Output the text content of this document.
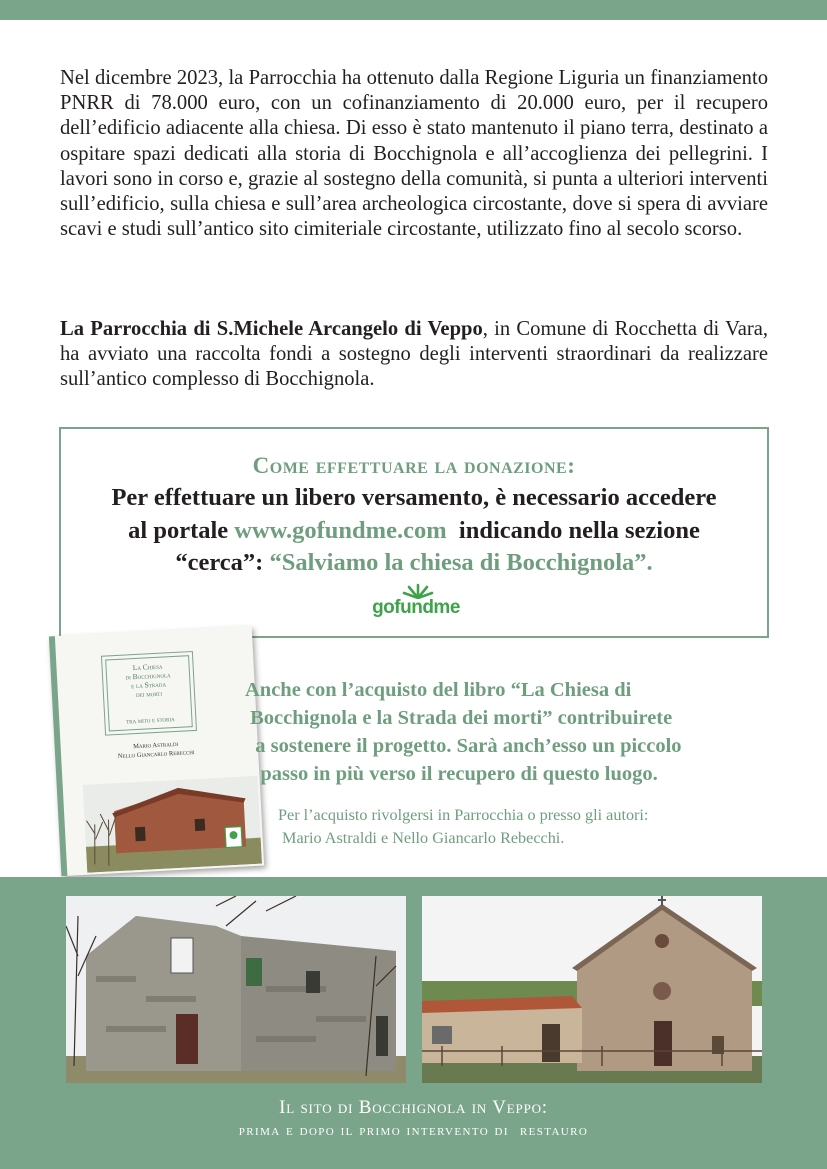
Nel dicembre 2023, la Parrocchia ha ottenuto dalla Regione Liguria un finanziamento PNRR di 78.000 euro, con un cofinanziamento di 20.000 euro, per il recupero dell’edificio adiacente alla chiesa. Di esso è stato mantenuto il piano terra, destinato a ospitare spazi dedicati alla storia di Bocchignola e all’accoglienza dei pellegrini. I lavori sono in corso e, grazie al sostegno della comunità, si punta a ulteriori interventi sull’edificio, sulla chiesa e sull’area archeologica circostante, dove si spera di avviare scavi e studi sull’antico sito cimiteriale circostante, utilizzato fino al secolo scorso.

La Parrocchia di S.Michele Arcangelo di Veppo, in Comune di Rocchetta di Vara, ha avviato una raccolta fondi a sostegno degli interventi straordinari da realizzare sull’antico complesso di Bocchignola.

Come effettuare la donazione:
Per effettuare un libero versamento, è necessario accedere
al portale www.gofundme.com  indicando nella sezione
“cerca”: “Salviamo la chiesa di Bocchignola”.
gofundme
La Chiesa
di Bocchignola
e la Strada
dei morti
tra mito e storia
Mario Astraldi
Nello Giancarlo Rebecchi
Anche con l’acquisto del libro “La Chiesa di
Bocchignola e la Strada dei morti” contribuirete
a sostenere il progetto. Sarà anch’esso un piccolo
passo in più verso il recupero di questo luogo.
Per l’acquisto rivolgersi in Parrocchia o presso gli autori:
Mario Astraldi e Nello Giancarlo Rebecchi.
Il sito di Bocchignola in Veppo:
prima e dopo il primo intervento di  restauro
